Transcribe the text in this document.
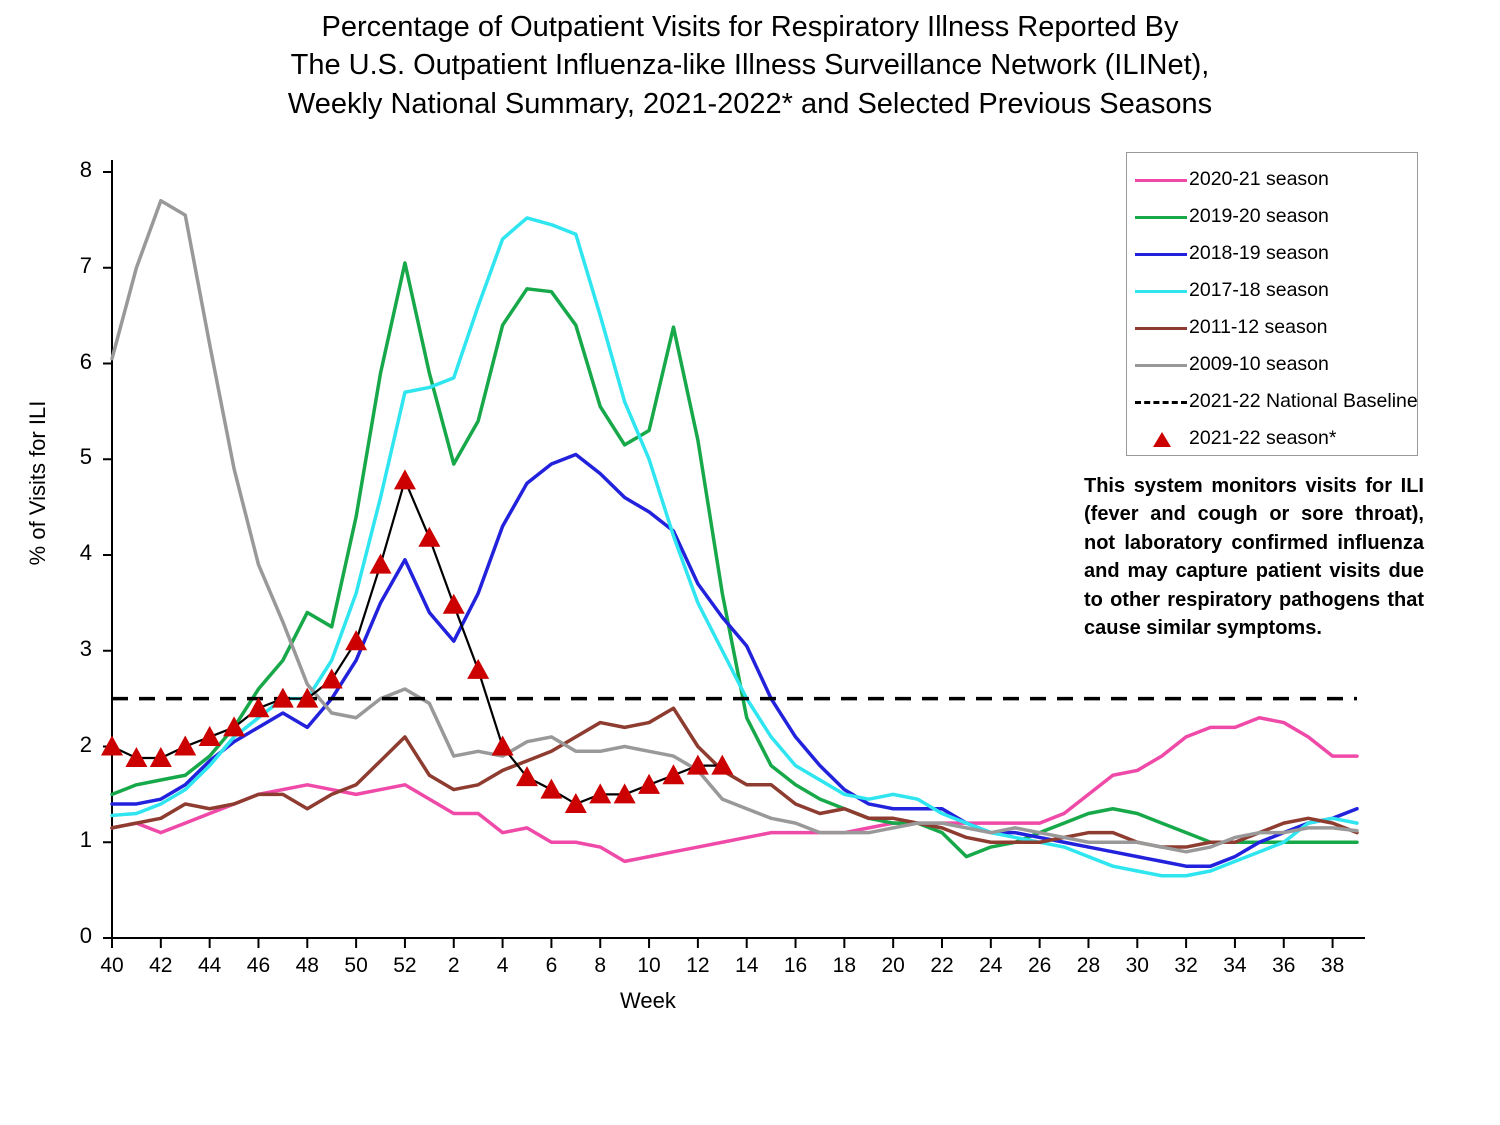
Percentage of Outpatient Visits for Respiratory Illness Reported By
The U.S. Outpatient Influenza-like Illness Surveillance Network (ILINet),
Weekly National Summary, 2021-2022* and Selected Previous Seasons
% of Visits for ILI
Week
2020-21 season
2019-20 season
2018-19 season
2017-18 season
2011-12 season
2009-10 season
2021-22 National Baseline
2021-22 season*
This system monitors visits for ILI (fever and cough or sore throat), not laboratory confirmed influenza and may capture patient visits due to other respiratory pathogens that cause similar symptoms.
0
1
2
3
4
5
6
7
8
40	42	44	46	48	50	52	2	4	6	8	10	12	14	16	18	20	22	24	26	28	30	32	34	36	38
